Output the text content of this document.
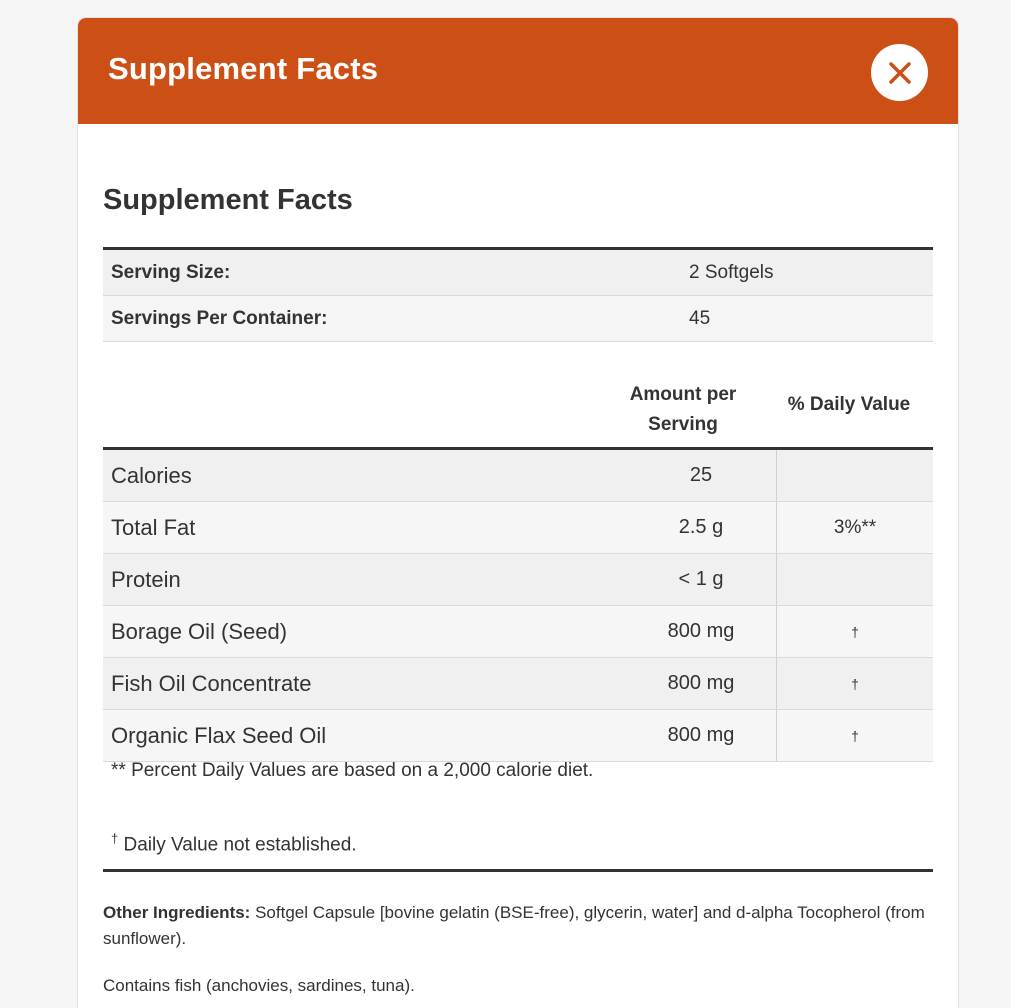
Supplement Facts
Supplement Facts
Serving Size:	2 Softgels
Servings Per Container:	45
Amount per Serving
% Daily Value
Calories	25	
Total Fat	2.5 g	3%**
Protein	< 1 g	
Borage Oil (Seed)	800 mg	†
Fish Oil Concentrate	800 mg	†
Organic Flax Seed Oil	800 mg	†
** Percent Daily Values are based on a 2,000 calorie diet.
† Daily Value not established.
Other Ingredients: Softgel Capsule [bovine gelatin (BSE-free), glycerin, water] and d-alpha Tocopherol (from sunflower).
Contains fish (anchovies, sardines, tuna).
